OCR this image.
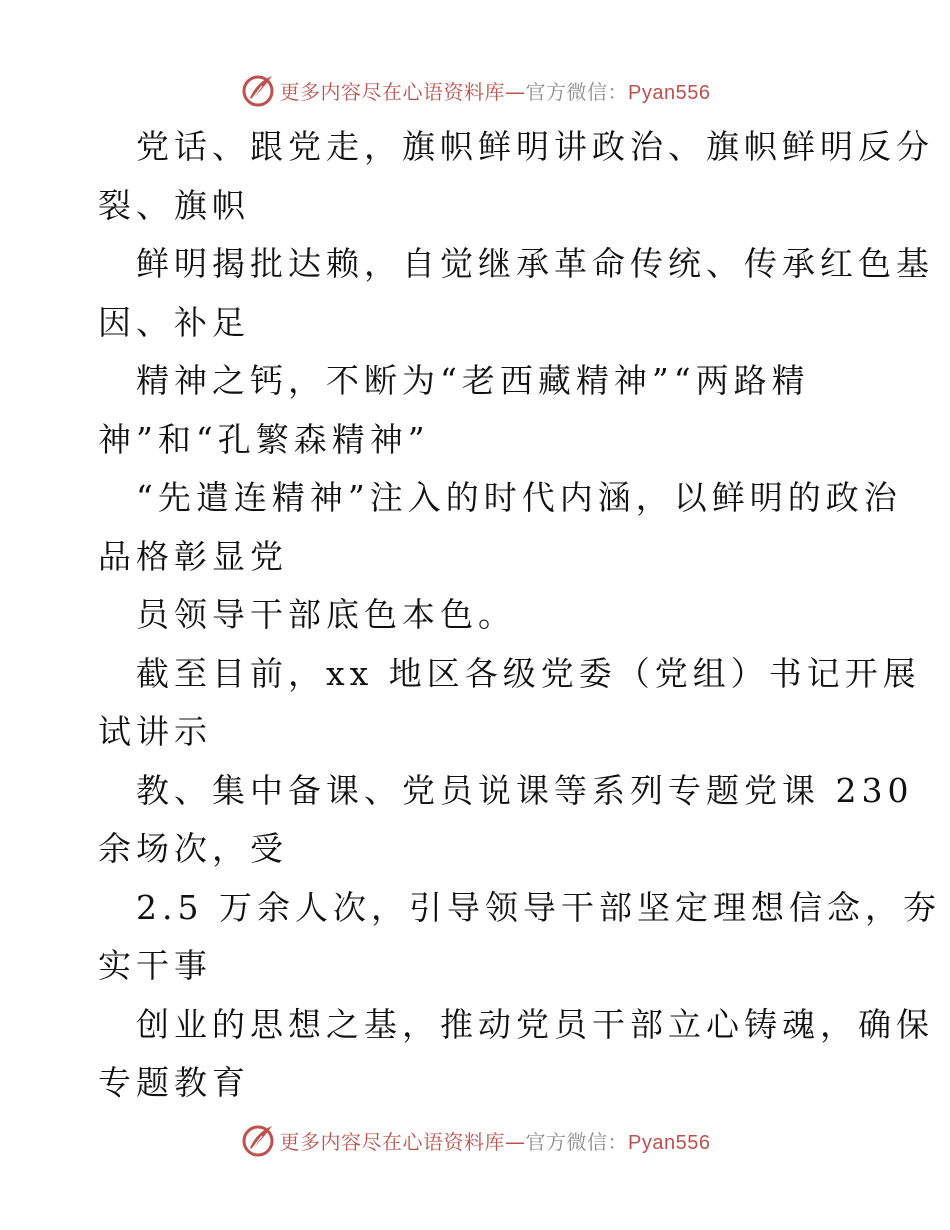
更多内容尽在心语资料库—官方微信：Pyan556
党话、跟党走，旗帜鲜明讲政治、旗帜鲜明反分
裂、旗帜
鲜明揭批达赖，自觉继承革命传统、传承红色基
因、补足
精神之钙，不断为“老西藏精神”“两路精
神”和“孔繁森精神”
“先遣连精神”注入的时代内涵，以鲜明的政治
品格彰显党
员领导干部底色本色。
截至目前，xx 地区各级党委（党组）书记开展
试讲示
教、集中备课、党员说课等系列专题党课 230
余场次，受
2.5 万余人次，引导领导干部坚定理想信念，夯
实干事
创业的思想之基，推动党员干部立心铸魂，确保
专题教育
更多内容尽在心语资料库—官方微信：Pyan556
